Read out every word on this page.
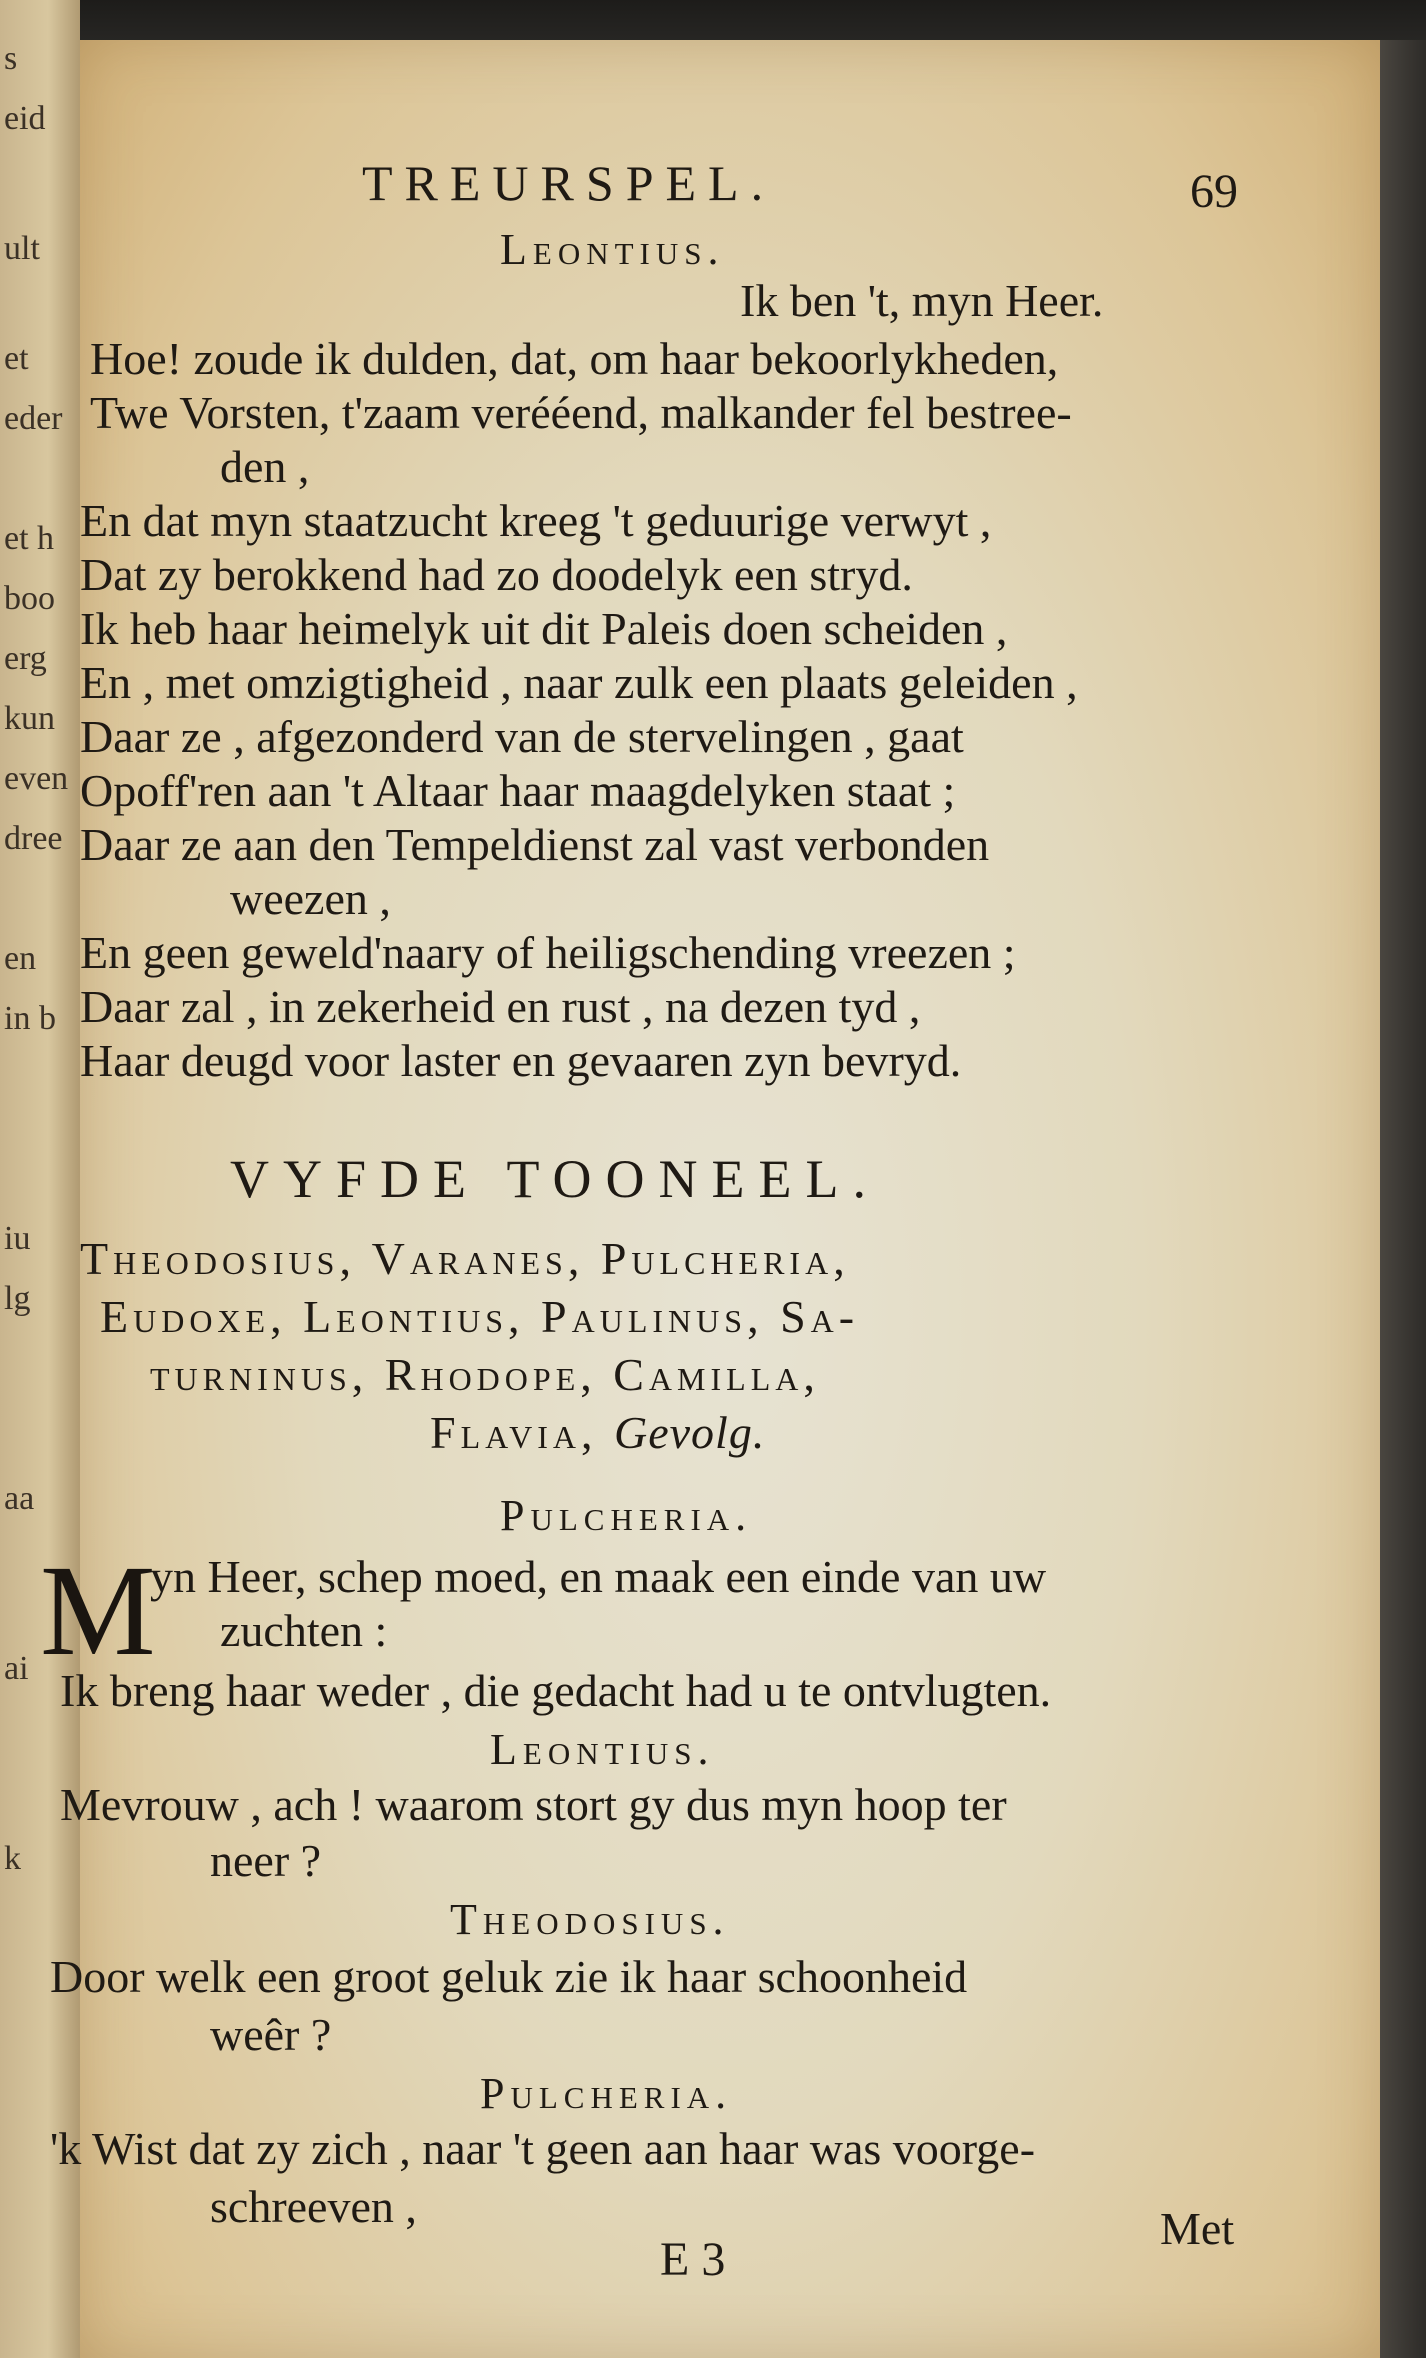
s
eid
ult
et
eder
et h
boo
erg
kun
even
dree
en
in b
iu
lg
aa
ai
k
TREURSPEL.	69
Leontius.
Ik ben 't, myn Heer.
Hoe! zoude ik dulden, dat, om haar bekoorlykheden,
Twe Vorsten, t'zaam verééend, malkander fel bestree-
den ,
En dat myn staatzucht kreeg 't geduurige verwyt ,
Dat zy berokkend had zo doodelyk een stryd.
Ik heb haar heimelyk uit dit Paleis doen scheiden ,
En , met omzigtigheid , naar zulk een plaats geleiden ,
Daar ze , afgezonderd van de stervelingen , gaat
Opoff'ren aan 't Altaar haar maagdelyken staat ;
Daar ze aan den Tempeldienst zal vast verbonden
weezen ,
En geen geweld'naary of heiligschending vreezen ;
Daar zal , in zekerheid en rust , na dezen tyd ,
Haar deugd voor laster en gevaaren zyn bevryd.
VYFDE TOONEEL.
Theodosius, Varanes, Pulcheria,
Eudoxe, Leontius, Paulinus, Sa-
turninus, Rhodope, Camilla,
Flavia, Gevolg.
Pulcheria.
M
yn Heer, schep moed, en maak een einde van uw
zuchten :
Ik breng haar weder , die gedacht had u te ontvlugten.
Leontius.
Mevrouw , ach ! waarom stort gy dus myn hoop ter
neer ?
Theodosius.
Door welk een groot geluk zie ik haar schoonheid
weêr ?
Pulcheria.
'k Wist dat zy zich , naar 't geen aan haar was voorge-
schreeven ,
E 3
Met
